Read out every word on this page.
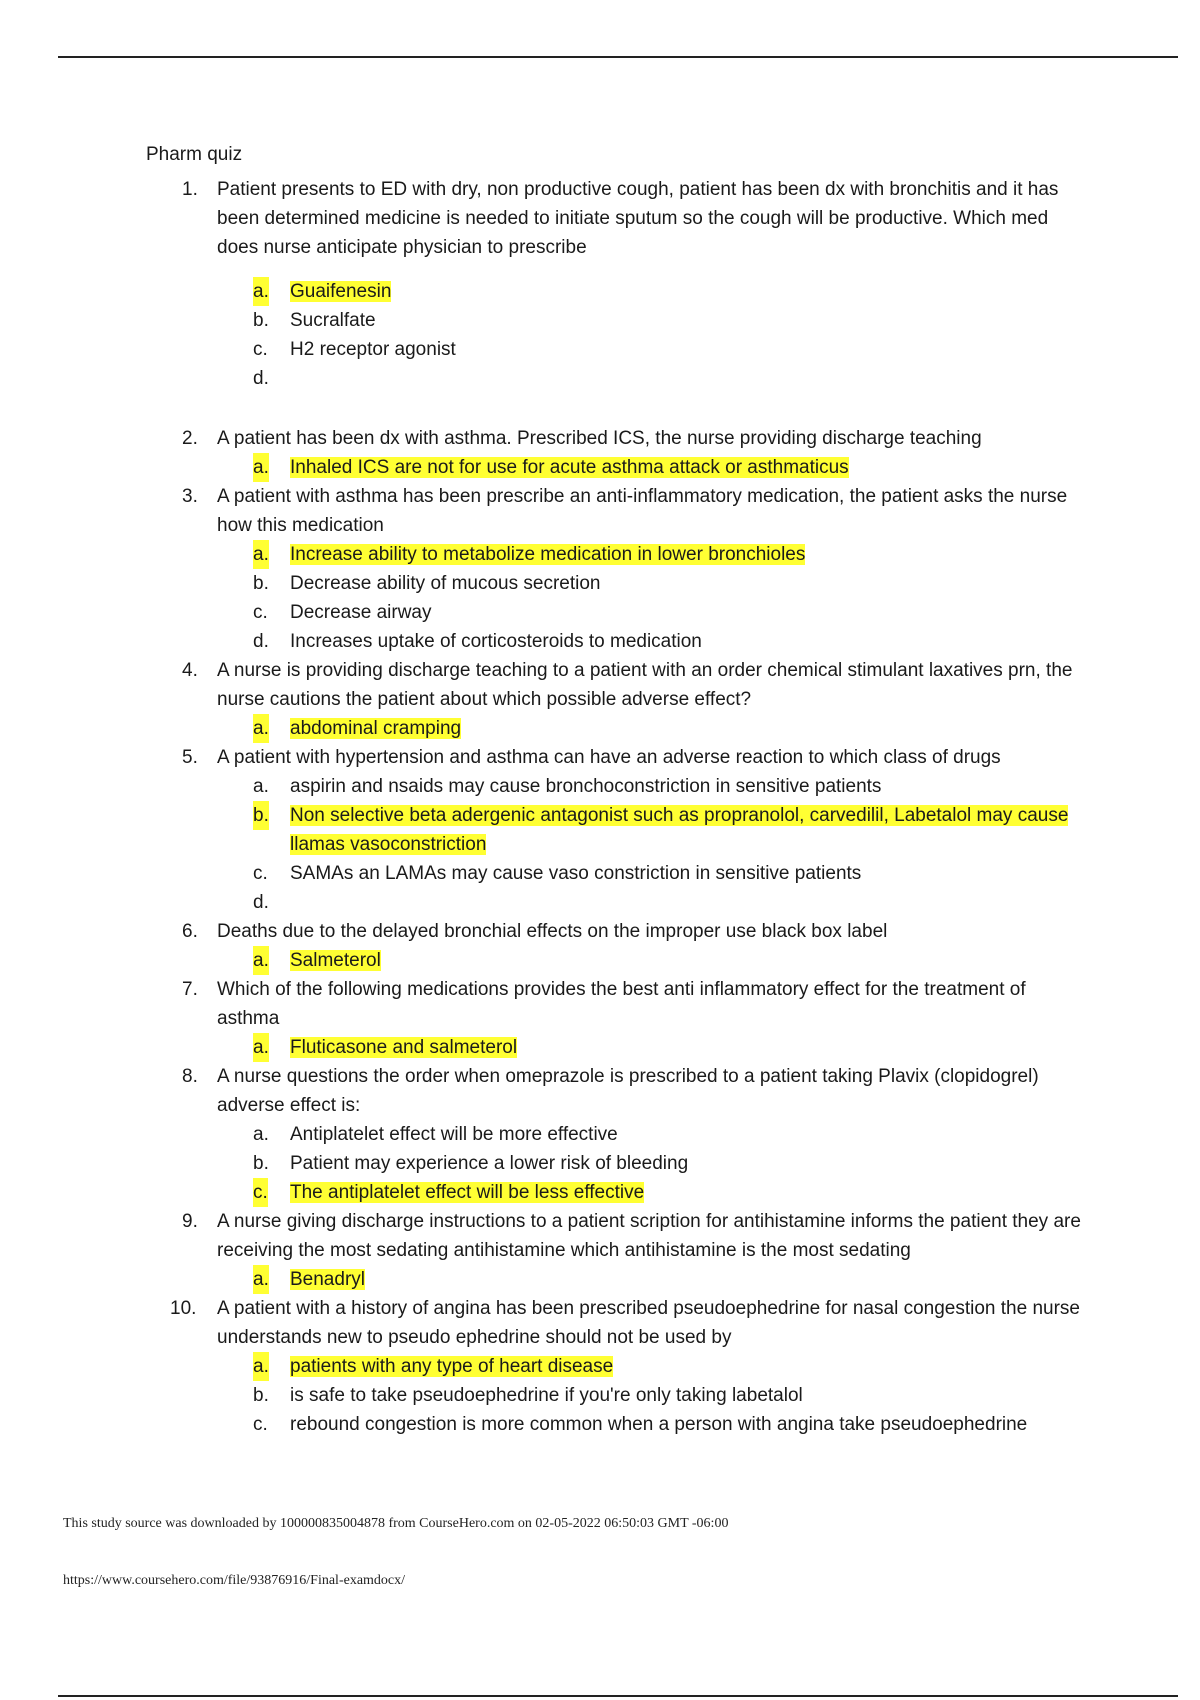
Pharm quiz
1.	Patient presents to ED with dry, non productive cough, patient has been dx with bronchitis and it has been determined medicine is needed to initiate sputum so the cough will be productive. Which med does nurse anticipate physician to prescribe
a. Guaifenesin
b. Sucralfate
c. H2 receptor agonist
d.
2.	A patient has been dx with asthma. Prescribed ICS, the nurse providing discharge teaching
a. Inhaled ICS are not for use for acute asthma attack or asthmaticus
3.	A patient with asthma has been prescribe an anti-inflammatory medication, the patient asks the nurse how this medication
a. Increase ability to metabolize medication in lower bronchioles
b. Decrease ability of mucous secretion
c. Decrease airway
d. Increases uptake of corticosteroids to medication
4.	A nurse is providing discharge teaching to a patient with an order chemical stimulant laxatives prn, the nurse cautions the patient about which possible adverse effect?
a. abdominal cramping
5.	A patient with hypertension and asthma can have an adverse reaction to which class of drugs
a. aspirin and nsaids may cause bronchoconstriction in sensitive patients
b. Non selective beta adergenic antagonist such as propranolol, carvedilil, Labetalol may cause llamas vasoconstriction
c. SAMAs an LAMAs may cause vaso constriction in sensitive patients
d.
6.	Deaths due to the delayed bronchial effects on the improper use black box label
a. Salmeterol
7.	Which of the following medications provides the best anti inflammatory effect for the treatment of asthma
a. Fluticasone and salmeterol
8.	A nurse questions the order when omeprazole is prescribed to a patient taking Plavix (clopidogrel) adverse effect is:
a. Antiplatelet effect will be more effective
b. Patient may experience a lower risk of bleeding
c. The antiplatelet effect will be less effective
9.	A nurse giving discharge instructions to a patient scription for antihistamine informs the patient they are receiving the most sedating antihistamine which antihistamine is the most sedating
a. Benadryl
10. A patient with a history of angina has been prescribed pseudoephedrine for nasal congestion the nurse understands new to pseudo ephedrine should not be used by
a. patients with any type of heart disease
b. is safe to take pseudoephedrine if you're only taking labetalol
c. rebound congestion is more common when a person with angina take pseudoephedrine
This study source was downloaded by 100000835004878 from CourseHero.com on 02-05-2022 06:50:03 GMT -06:00
https://www.coursehero.com/file/93876916/Final-examdocx/
